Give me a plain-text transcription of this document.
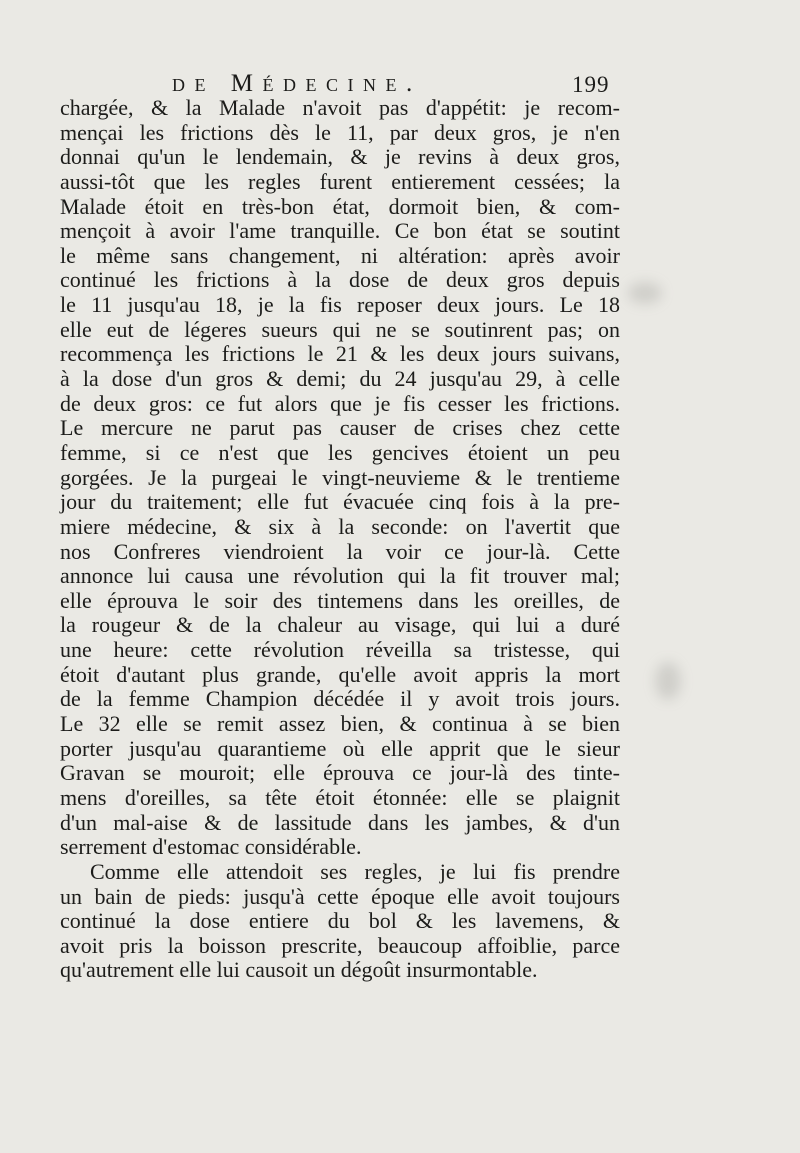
de Médecine.	199
chargée, & la Malade n'avoit pas d'appétit: je recom-
mençai les frictions dès le 11, par deux gros, je n'en
donnai qu'un le lendemain, & je revins à deux gros,
aussi-tôt que les regles furent entierement cessées; la
Malade étoit en très-bon état, dormoit bien, & com-
mençoit à avoir l'ame tranquille. Ce bon état se soutint
le même sans changement, ni altération: après avoir
continué les frictions à la dose de deux gros depuis
le 11 jusqu'au 18, je la fis reposer deux jours. Le 18
elle eut de légeres sueurs qui ne se soutinrent pas; on
recommença les frictions le 21 & les deux jours suivans,
à la dose d'un gros & demi; du 24 jusqu'au 29, à celle
de deux gros: ce fut alors que je fis cesser les frictions.
Le mercure ne parut pas causer de crises chez cette
femme, si ce n'est que les gencives étoient un peu
gorgées. Je la purgeai le vingt-neuvieme & le trentieme
jour du traitement; elle fut évacuée cinq fois à la pre-
miere médecine, & six à la seconde: on l'avertit que
nos Confreres viendroient la voir ce jour-là. Cette
annonce lui causa une révolution qui la fit trouver mal;
elle éprouva le soir des tintemens dans les oreilles, de
la rougeur & de la chaleur au visage, qui lui a duré
une heure: cette révolution réveilla sa tristesse, qui
étoit d'autant plus grande, qu'elle avoit appris la mort
de la femme Champion décédée il y avoit trois jours.
Le 32 elle se remit assez bien, & continua à se bien
porter jusqu'au quarantieme où elle apprit que le sieur
Gravan se mouroit; elle éprouva ce jour-là des tinte-
mens d'oreilles, sa tête étoit étonnée: elle se plaignit
d'un mal-aise & de lassitude dans les jambes, & d'un
serrement d'estomac considérable.
Comme elle attendoit ses regles, je lui fis prendre
un bain de pieds: jusqu'à cette époque elle avoit toujours
continué la dose entiere du bol & les lavemens, &
avoit pris la boisson prescrite, beaucoup affoiblie, parce
qu'autrement elle lui causoit un dégoût insurmontable.
